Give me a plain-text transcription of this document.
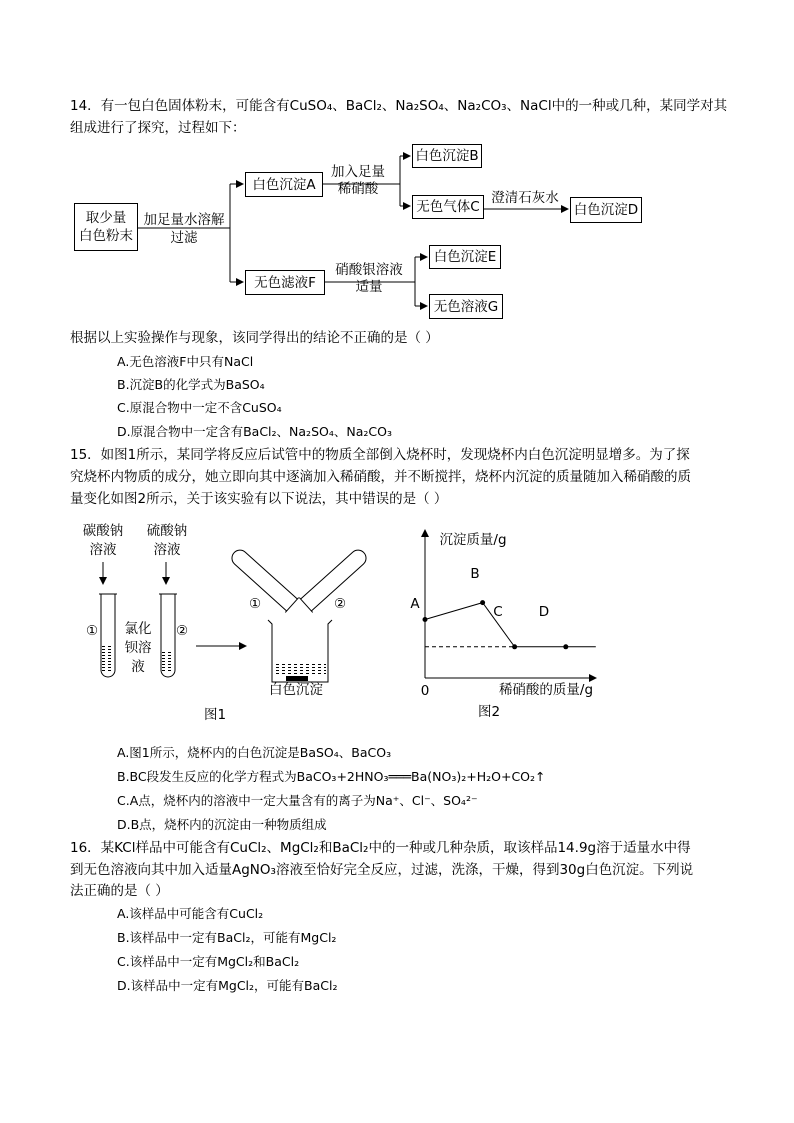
14．有一包白色固体粉末，可能含有CuSO₄、BaCl₂、Na₂SO₄、Na₂CO₃、NaCl中的一种或几种，某同学对其
组成进行了探究，过程如下：
取少量
白色粉末
加足量水溶解
过滤
白色沉淀A
加入足量
稀硝酸
白色沉淀B
无色气体C
澄清石灰水
白色沉淀D
无色滤液F
硝酸银溶液
适量
白色沉淀E
无色溶液G
根据以上实验操作与现象，该同学得出的结论不正确的是（ ）
A.无色溶液F中只有NaCl
B.沉淀B的化学式为BaSO₄
C.原混合物中一定不含CuSO₄
D.原混合物中一定含有BaCl₂、Na₂SO₄、Na₂CO₃
15．如图1所示，某同学将反应后试管中的物质全部倒入烧杯时，发现烧杯内白色沉淀明显增多。为了探
究烧杯内物质的成分，她立即向其中逐滴加入稀硝酸，并不断搅拌，烧杯内沉淀的质量随加入稀硝酸的质
量变化如图2所示，关于该实验有以下说法，其中错误的是（ ）
碳酸钠
溶液
硫酸钠
溶液
①	②
氯化
钡溶
液
①	②
白色沉淀
图1
沉淀质量/g
稀硝酸的质量/g
0
A
B
C	D
图2
A.图1所示，烧杯内的白色沉淀是BaSO₄、BaCO₃
B.BC段发生反应的化学方程式为BaCO₃+2HNO₃═══Ba(NO₃)₂+H₂O+CO₂↑
C.A点，烧杯内的溶液中一定大量含有的离子为Na⁺、Cl⁻、SO₄²⁻
D.B点，烧杯内的沉淀由一种物质组成
16．某KCl样品中可能含有CuCl₂、MgCl₂和BaCl₂中的一种或几种杂质，取该样品14.9g溶于适量水中得
到无色溶液向其中加入适量AgNO₃溶液至恰好完全反应，过滤，洗涤，干燥，得到30g白色沉淀。下列说
法正确的是（ ）
A.该样品中可能含有CuCl₂
B.该样品中一定有BaCl₂，可能有MgCl₂
C.该样品中一定有MgCl₂和BaCl₂
D.该样品中一定有MgCl₂，可能有BaCl₂
